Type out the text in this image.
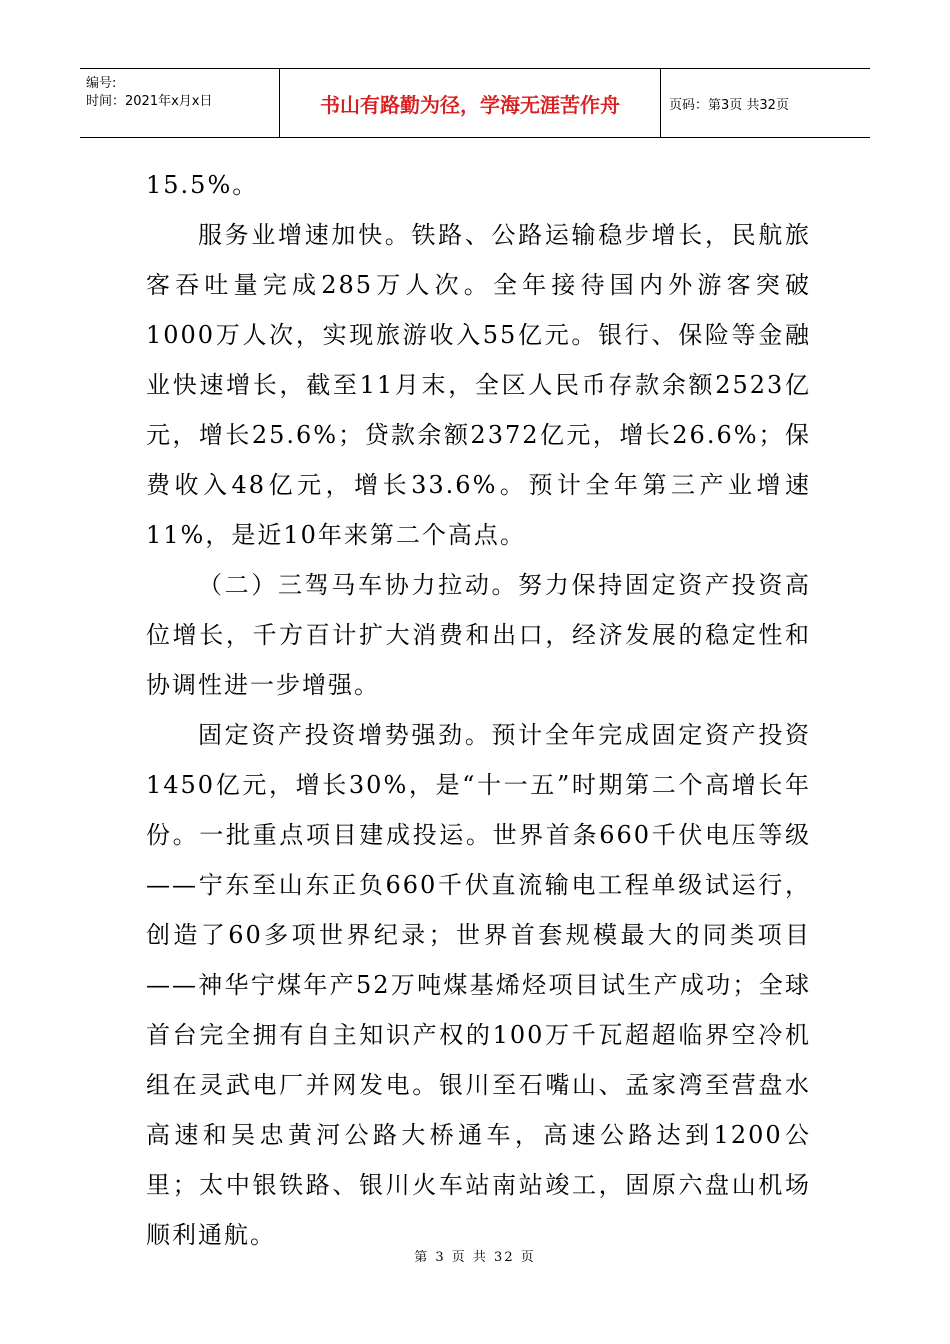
编号:
时间：2021年x月x日	书山有路勤为径，学海无涯苦作舟	页码：第3页 共32页

15.5%。

服务业增速加快。铁路、公路运输稳步增长，民航旅客吞吐量完成285万人次。全年接待国内外游客突破1000万人次，实现旅游收入55亿元。银行、保险等金融业快速增长，截至11月末，全区人民币存款余额2523亿元，增长25.6%；贷款余额2372亿元，增长26.6%；保费收入48亿元，增长33.6%。预计全年第三产业增速11%，是近10年来第二个高点。

（二）三驾马车协力拉动。努力保持固定资产投资高位增长，千方百计扩大消费和出口，经济发展的稳定性和协调性进一步增强。

固定资产投资增势强劲。预计全年完成固定资产投资1450亿元，增长30%，是“十一五”时期第二个高增长年份。一批重点项目建成投运。世界首条660千伏电压等级——宁东至山东正负660千伏直流输电工程单级试运行，创造了60多项世界纪录；世界首套规模最大的同类项目——神华宁煤年产52万吨煤基烯烃项目试生产成功；全球首台完全拥有自主知识产权的100万千瓦超超临界空冷机组在灵武电厂并网发电。银川至石嘴山、孟家湾至营盘水高速和吴忠黄河公路大桥通车，高速公路达到1200公里；太中银铁路、银川火车站南站竣工，固原六盘山机场顺利通航。

第 3 页 共 32 页
